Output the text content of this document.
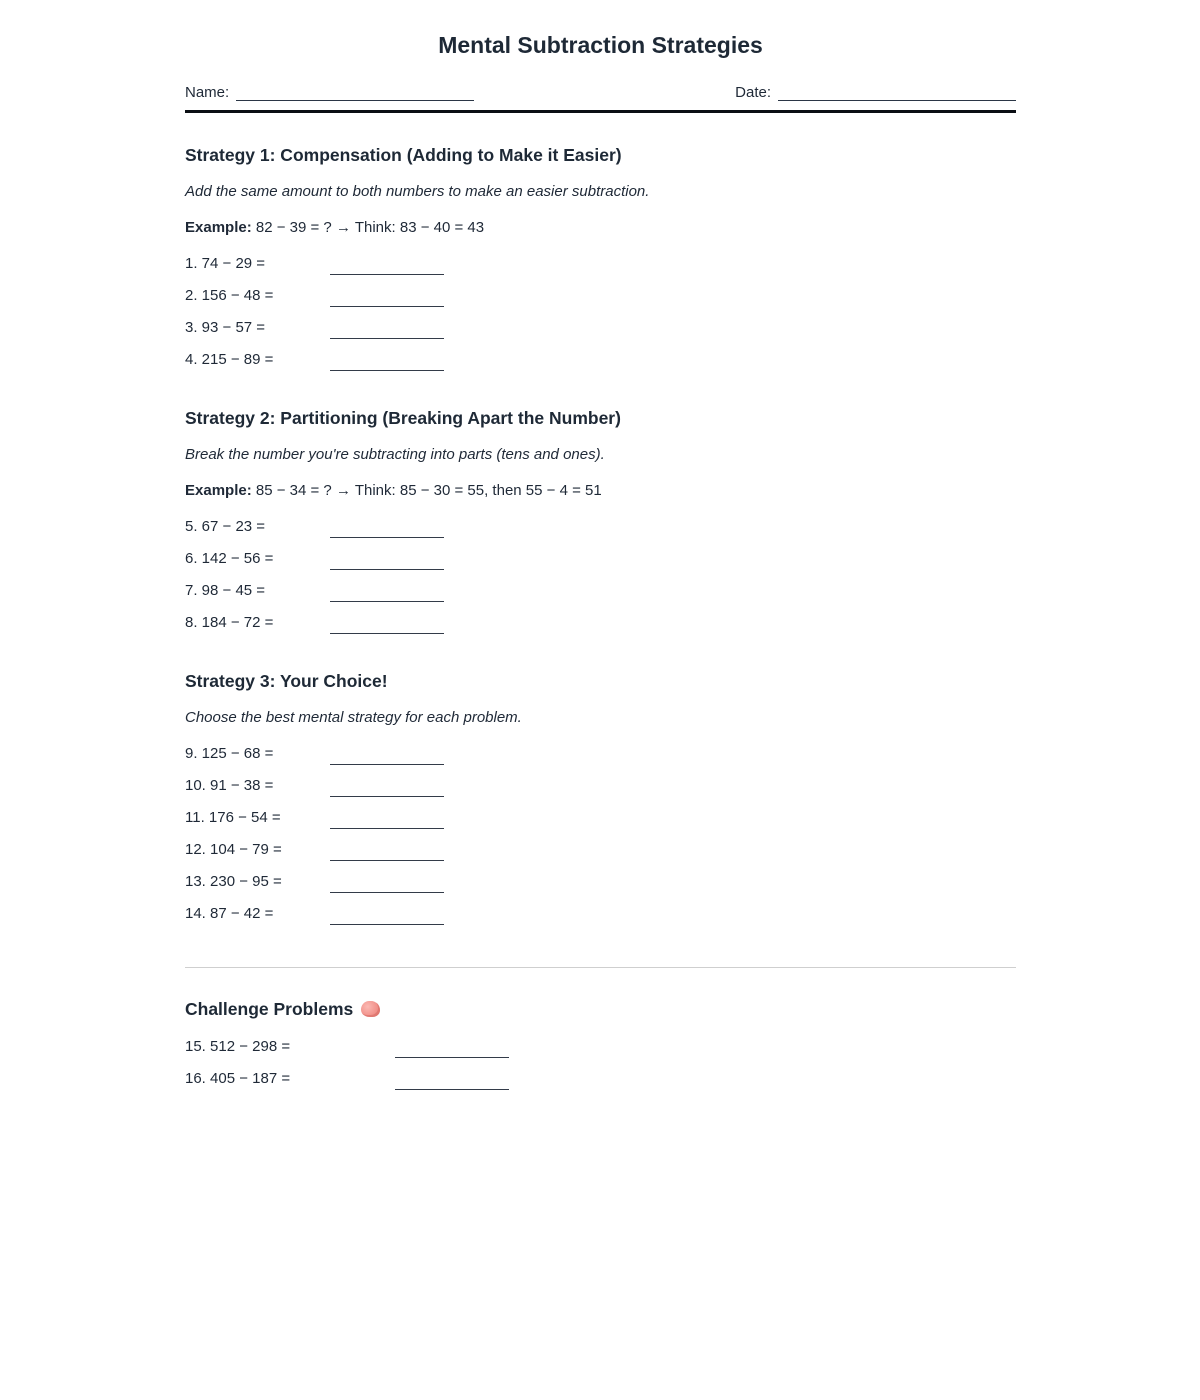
Mental Subtraction Strategies
Name:	Date:
Strategy 1: Compensation (Adding to Make it Easier)

Add the same amount to both numbers to make an easier subtraction.

Example: 82 − 39 = ? → Think: 83 − 40 = 43

1. 74 − 29 =
2. 156 − 48 =
3. 93 − 57 =
4. 215 − 89 =
Strategy 2: Partitioning (Breaking Apart the Number)

Break the number you're subtracting into parts (tens and ones).

Example: 85 − 34 = ? → Think: 85 − 30 = 55, then 55 − 4 = 51

5. 67 − 23 =
6. 142 − 56 =
7. 98 − 45 =
8. 184 − 72 =
Strategy 3: Your Choice!

Choose the best mental strategy for each problem.

9. 125 − 68 =
10. 91 − 38 =
11. 176 − 54 =
12. 104 − 79 =
13. 230 − 95 =
14. 87 − 42 =
Challenge Problems
15. 512 − 298 =
16. 405 − 187 =
